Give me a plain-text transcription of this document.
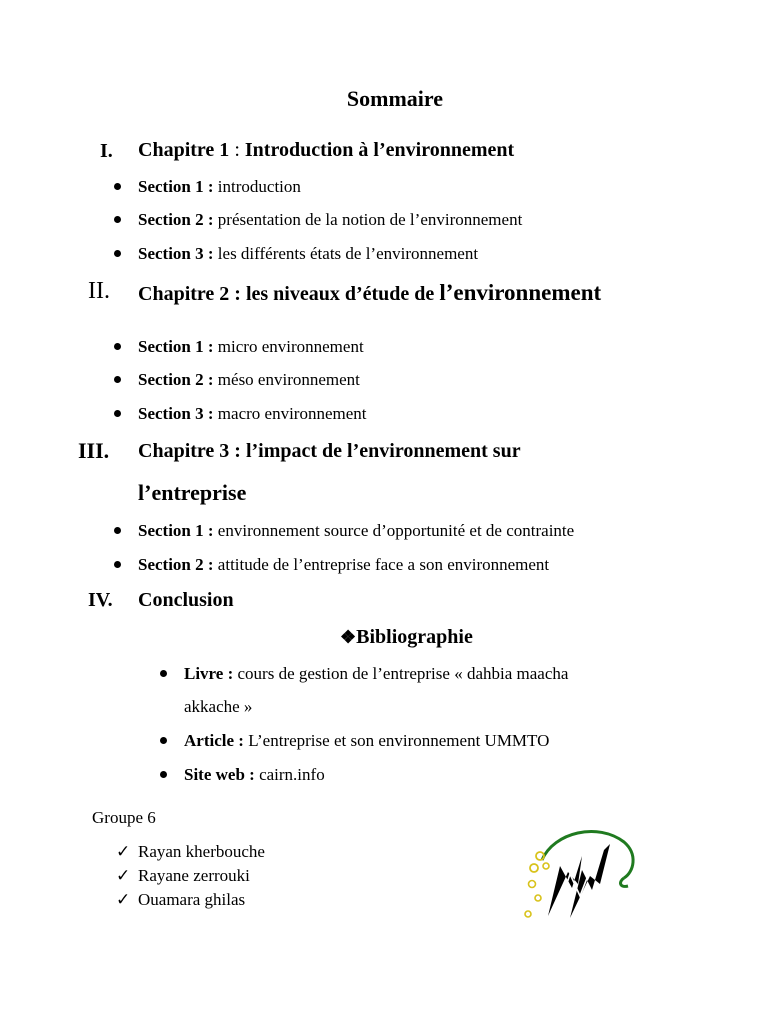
Sommaire
I. Chapitre 1 : Introduction à l’environnement
Section 1 : introduction
Section 2 : présentation de la notion de l’environnement
Section 3 : les différents états de l’environnement
II. Chapitre 2 : les niveaux d’étude de l’environnement
Section 1 : micro environnement
Section 2 : méso environnement
Section 3 : macro environnement
III. Chapitre 3 : l’impact de l’environnement sur
l’entreprise
Section 1 : environnement source d’opportunité et de contrainte
Section 2 : attitude de l’entreprise face a son environnement
IV. Conclusion
❖Bibliographie
Livre : cours de gestion de l’entreprise « dahbia maacha
akkache »
Article : L’entreprise et son environnement UMMTO
Site web : cairn.info
Groupe 6
✓ Rayan kherbouche
✓ Rayane zerrouki
✓ Ouamara ghilas
